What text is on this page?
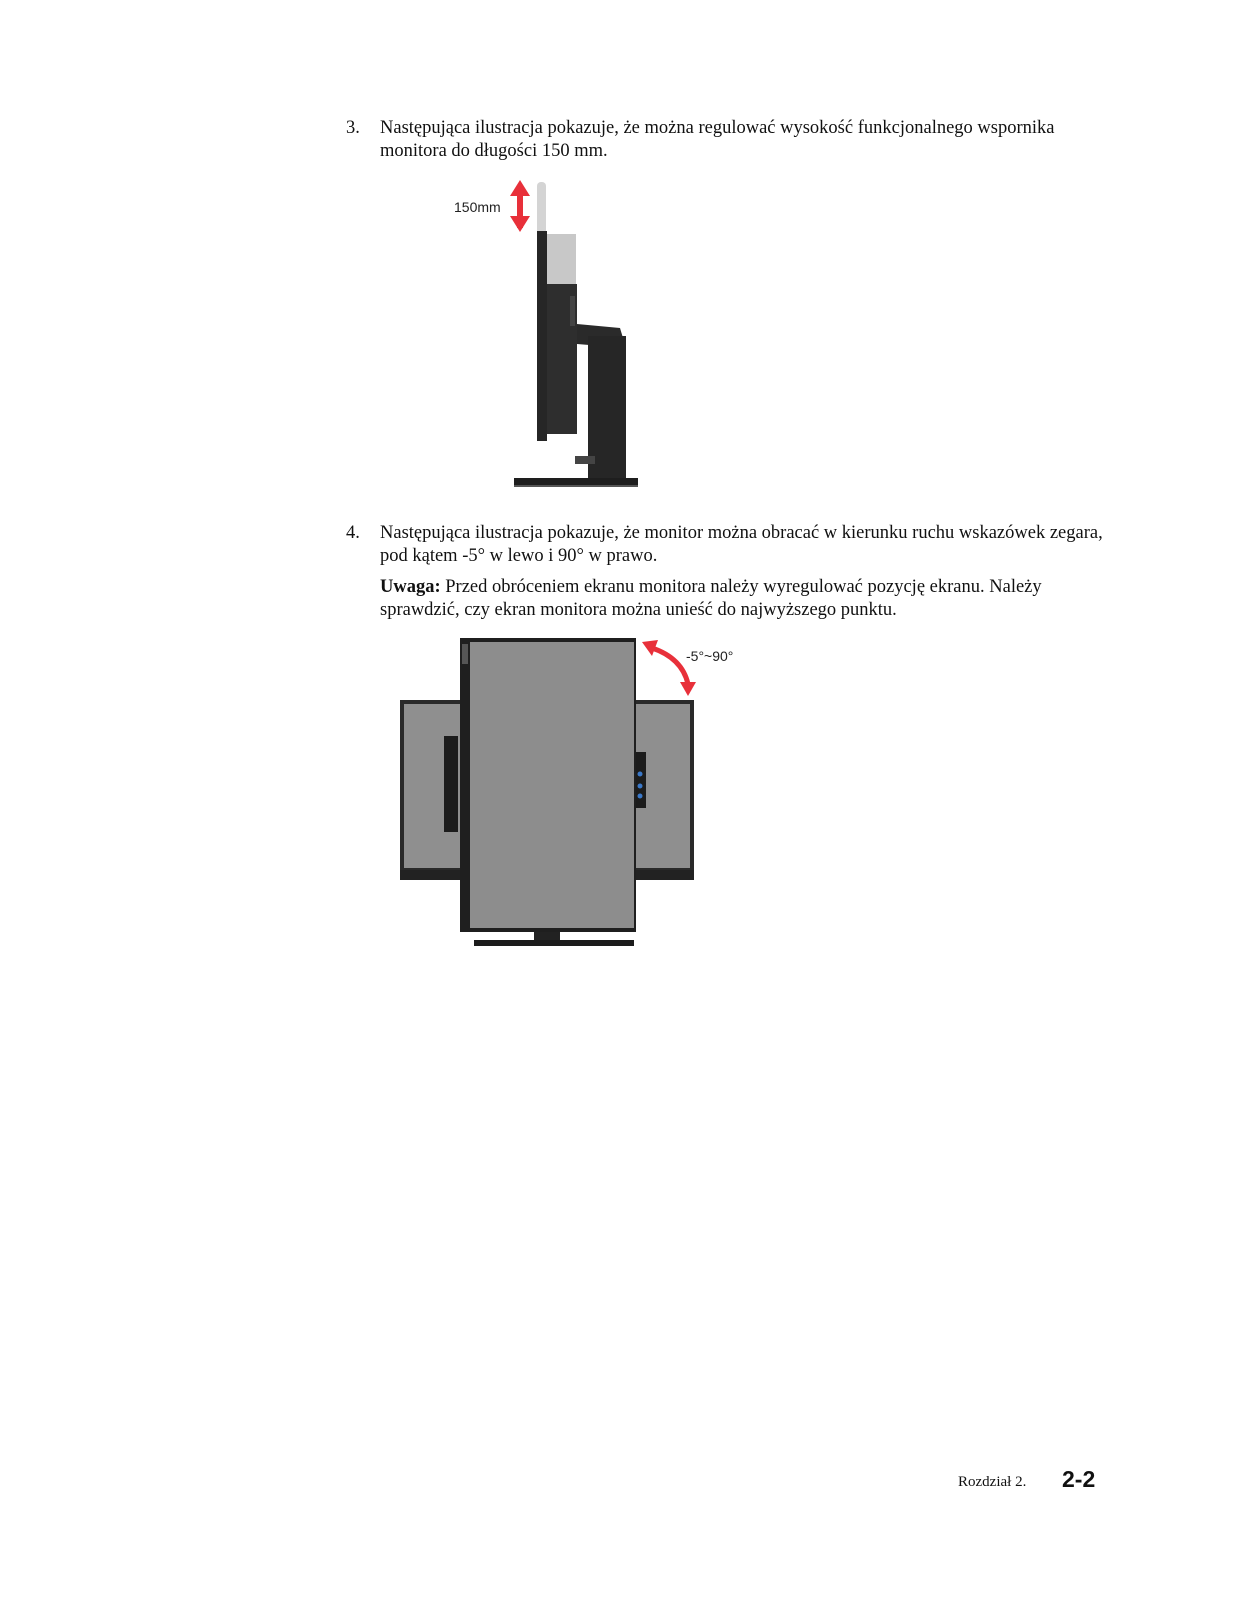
3. Następująca ilustracja pokazuje, że można regulować wysokość funkcjonalnego wspornika monitora do długości 150 mm.
150mm
4. Następująca ilustracja pokazuje, że monitor można obracać w kierunku ruchu wskazówek zegara, pod kątem -5° w lewo i 90° w prawo.
Uwaga: Przed obróceniem ekranu monitora należy wyregulować pozycję ekranu. Należy sprawdzić, czy ekran monitora można unieść do najwyższego punktu.
-5°~90°
Rozdział 2. 2-2
